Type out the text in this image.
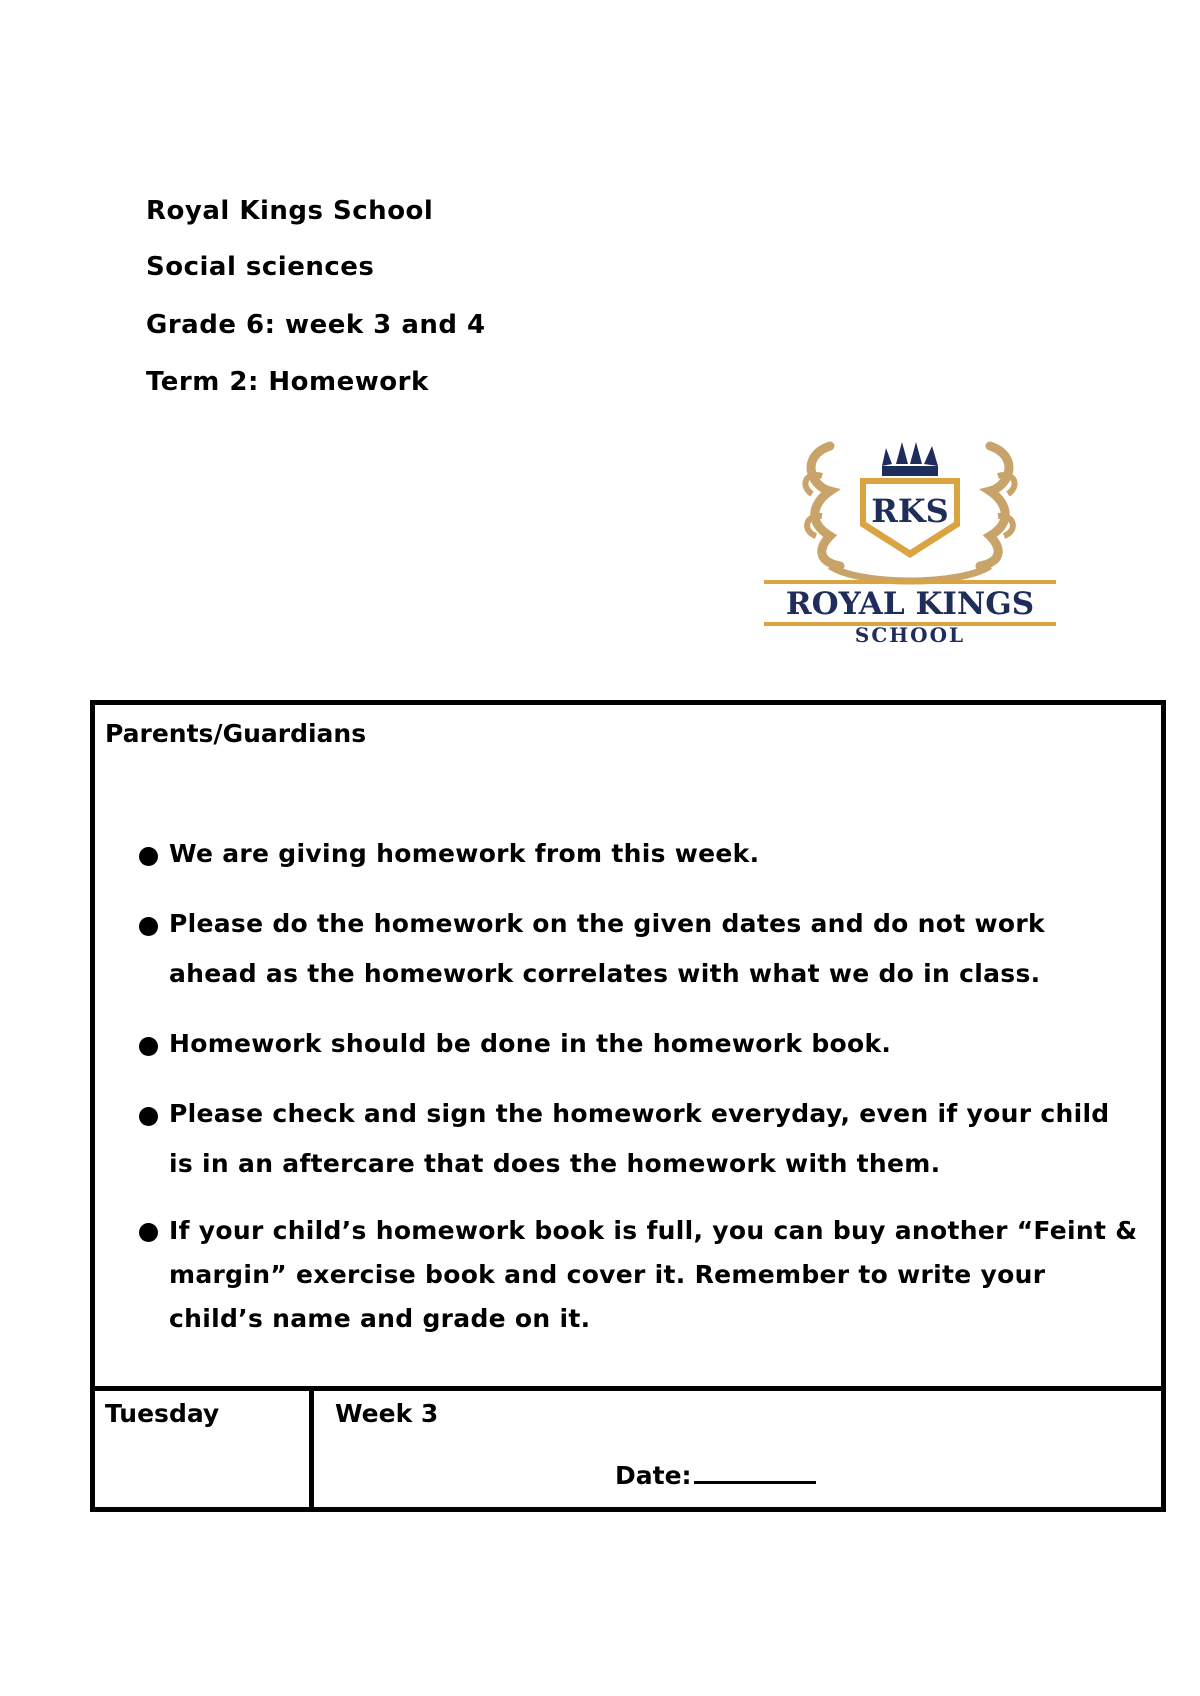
Royal Kings School
Social sciences
Grade 6: week 3 and 4
Term 2: Homework
RKS
ROYAL KINGS
SCHOOL
Parents/Guardians
We are giving homework from this week.
Please do the homework on the given dates and do not work ahead as the homework correlates with what we do in class.
Homework should be done in the homework book.
Please check and sign the homework everyday, even if your child is in an aftercare that does the homework with them.
If your child’s homework book is full, you can buy another “Feint & margin” exercise book and cover it. Remember to write your child’s name and grade on it.
Tuesday	Week 3
Date:
